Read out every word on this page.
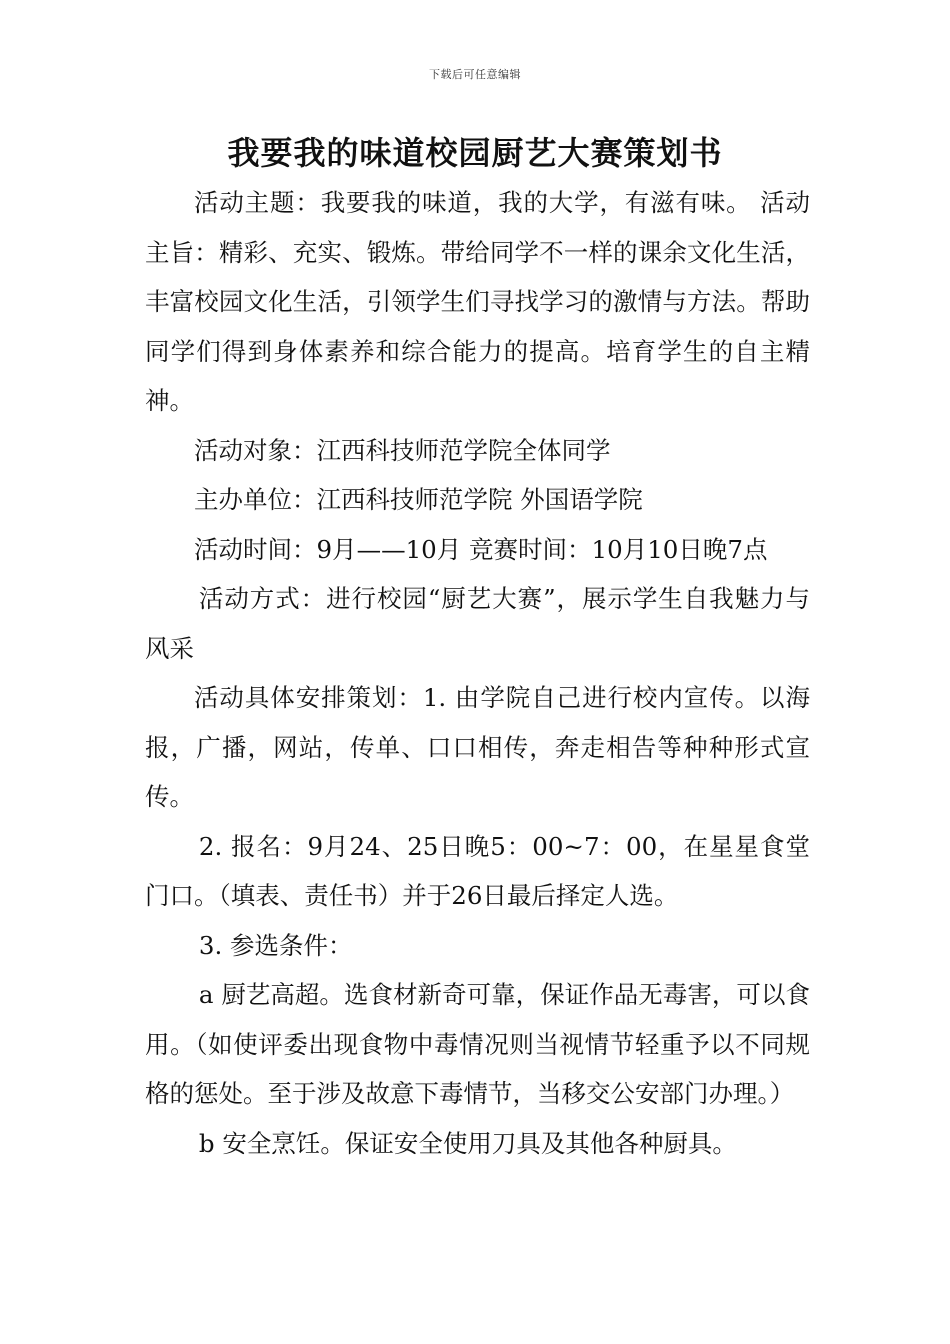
下载后可任意编辑
我要我的味道校园厨艺大赛策划书

活动主题：我要我的味道，我的大学，有滋有味。 活动主旨：精彩、充实、锻炼。带给同学不一样的课余文化生活，丰富校园文化生活，引领学生们寻找学习的激情与方法。帮助同学们得到身体素养和综合能力的提高。培育学生的自主精神。

活动对象：江西科技师范学院全体同学

主办单位：江西科技师范学院 外国语学院

活动时间：9月——10月 竞赛时间：10月10日晚7点

活动方式：进行校园“厨艺大赛”，展示学生自我魅力与风采

活动具体安排策划：1. 由学院自己进行校内宣传。以海报，广播，网站，传单、口口相传，奔走相告等种种形式宣传。

2. 报名：9月24、25日晚5：00~7：00，在星星食堂门口。（填表、责任书）并于26日最后择定人选。

3. 参选条件：

a 厨艺高超。选食材新奇可靠，保证作品无毒害，可以食用。（如使评委出现食物中毒情况则当视情节轻重予以不同规格的惩处。至于涉及故意下毒情节，当移交公安部门办理。）

b 安全烹饪。保证安全使用刀具及其他各种厨具。
